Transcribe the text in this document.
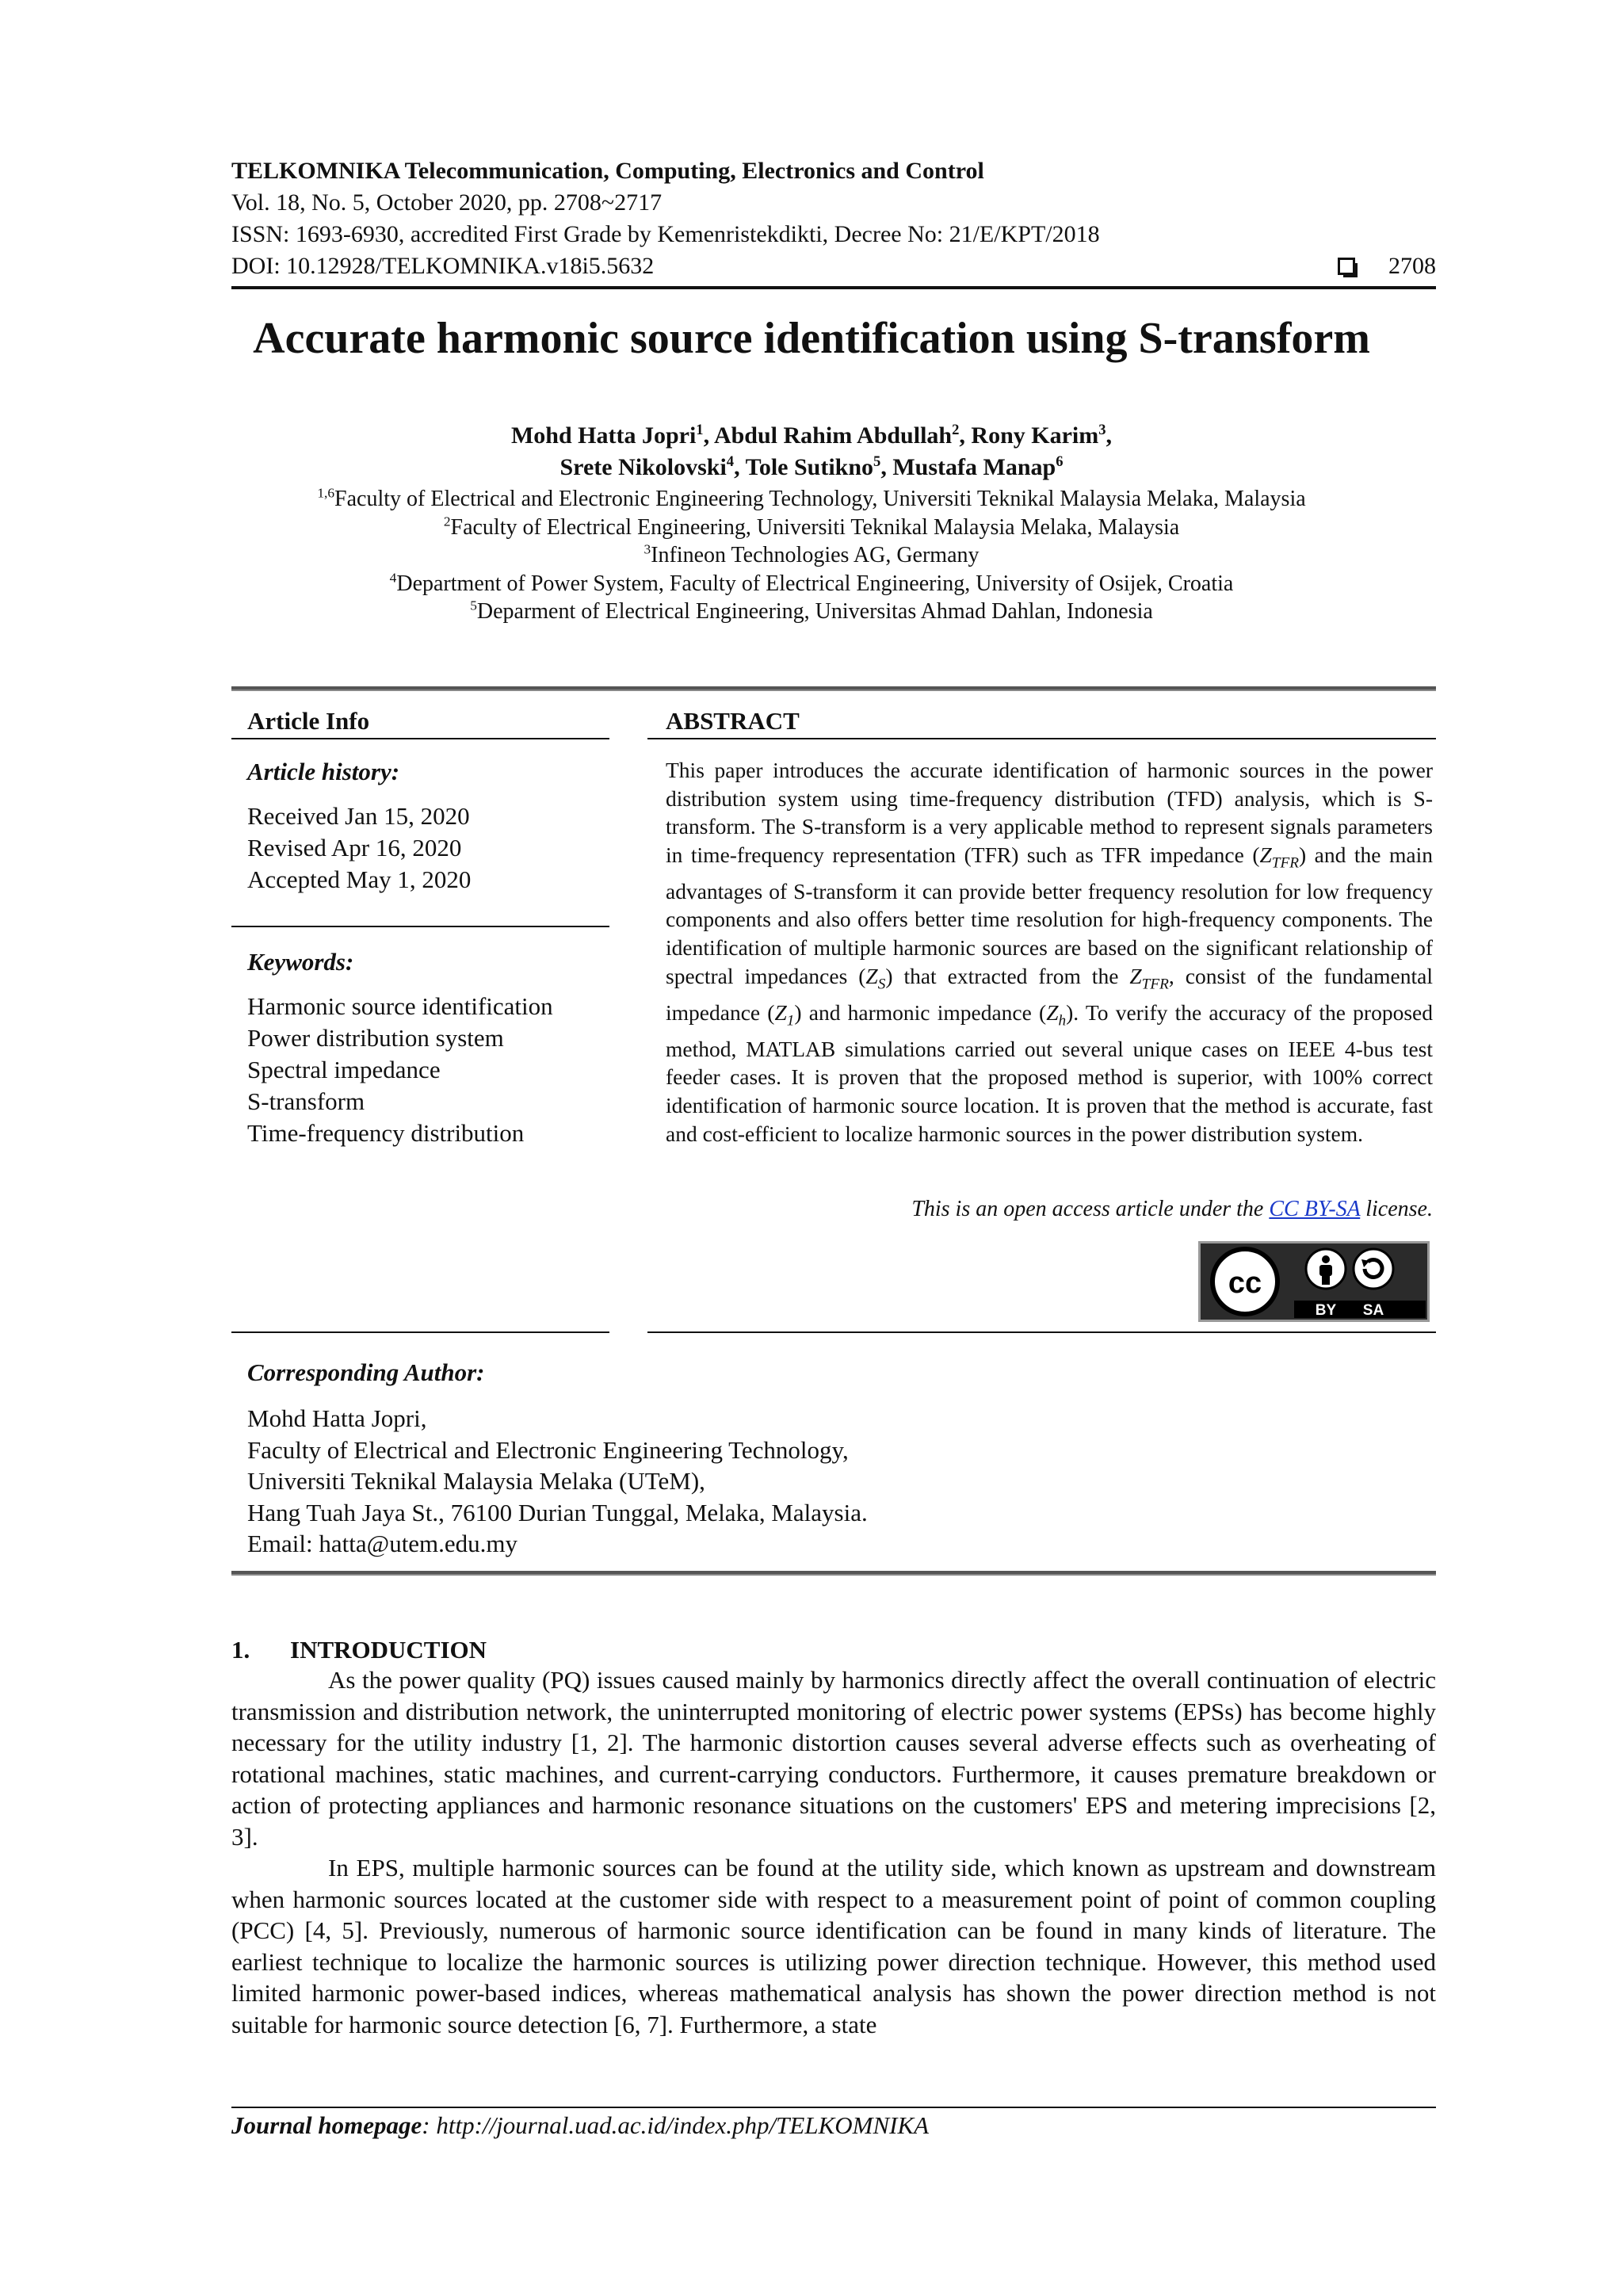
TELKOMNIKA Telecommunication, Computing, Electronics and Control
Vol. 18, No. 5, October 2020, pp. 2708~2717
ISSN: 1693-6930, accredited First Grade by Kemenristekdikti, Decree No: 21/E/KPT/2018
DOI: 10.12928/TELKOMNIKA.v18i5.5632	2708
Accurate harmonic source identification using S-transform
Mohd Hatta Jopri$^1$, Abdul Rahim Abdullah$^2$, Rony Karim$^3$,
Srete Nikolovski$^4$, Tole Sutikno$^5$, Mustafa Manap$^6$
$^{1,6}$Faculty of Electrical and Electronic Engineering Technology, Universiti Teknikal Malaysia Melaka, Malaysia
$^2$Faculty of Electrical Engineering, Universiti Teknikal Malaysia Melaka, Malaysia
$^3$Infineon Technologies AG, Germany
$^4$Department of Power System, Faculty of Electrical Engineering, University of Osijek, Croatia
$^5$Deparment of Electrical Engineering, Universitas Ahmad Dahlan, Indonesia
Article Info
Article history:
Received Jan 15, 2020
Revised Apr 16, 2020
Accepted May 1, 2020
Keywords:
Harmonic source identification
Power distribution system
Spectral impedance
S-transform
Time-frequency distribution
ABSTRACT
This paper introduces the accurate identification of harmonic sources in the power distribution system using time-frequency distribution (TFD) analysis, which is S-transform. The S-transform is a very applicable method to represent signals parameters in time-frequency representation (TFR) such as TFR impedance $(Z_{TFR})$ and the main advantages of S-transform it can provide better frequency resolution for low frequency components and also offers better time resolution for high-frequency components. The identification of multiple harmonic sources are based on the significant relationship of spectral impedances $(Z_S)$ that extracted from the $Z_{TFR}$, consist of the fundamental impedance $(Z_1)$ and harmonic impedance $(Z_h)$. To verify the accuracy of the proposed method, MATLAB simulations carried out several unique cases on IEEE 4-bus test feeder cases. It is proven that the proposed method is superior, with 100% correct identification of harmonic source location. It is proven that the method is accurate, fast and cost-efficient to localize harmonic sources in the power distribution system.
This is an open access article under the CC BY-SA license.
cc
BY SA
Corresponding Author:
Mohd Hatta Jopri,
Faculty of Electrical and Electronic Engineering Technology,
Universiti Teknikal Malaysia Melaka (UTeM),
Hang Tuah Jaya St., 76100 Durian Tunggal, Melaka, Malaysia.
Email: hatta@utem.edu.my
1. INTRODUCTION

As the power quality (PQ) issues caused mainly by harmonics directly affect the overall continuation of electric transmission and distribution network, the uninterrupted monitoring of electric power systems (EPSs) has become highly necessary for the utility industry [1, 2]. The harmonic distortion causes several adverse effects such as overheating of rotational machines, static machines, and current-carrying conductors. Furthermore, it causes premature breakdown or action of protecting appliances and harmonic resonance situations on the customers' EPS and metering imprecisions [2, 3].

In EPS, multiple harmonic sources can be found at the utility side, which known as upstream and downstream when harmonic sources located at the customer side with respect to a measurement point of point of common coupling (PCC) [4, 5]. Previously, numerous of harmonic source identification can be found in many kinds of literature. The earliest technique to localize the harmonic sources is utilizing power direction technique. However, this method used limited harmonic power-based indices, whereas mathematical analysis has shown the power direction method is not suitable for harmonic source detection [6, 7]. Furthermore, a state

Journal homepage: http://journal.uad.ac.id/index.php/TELKOMNIKA
